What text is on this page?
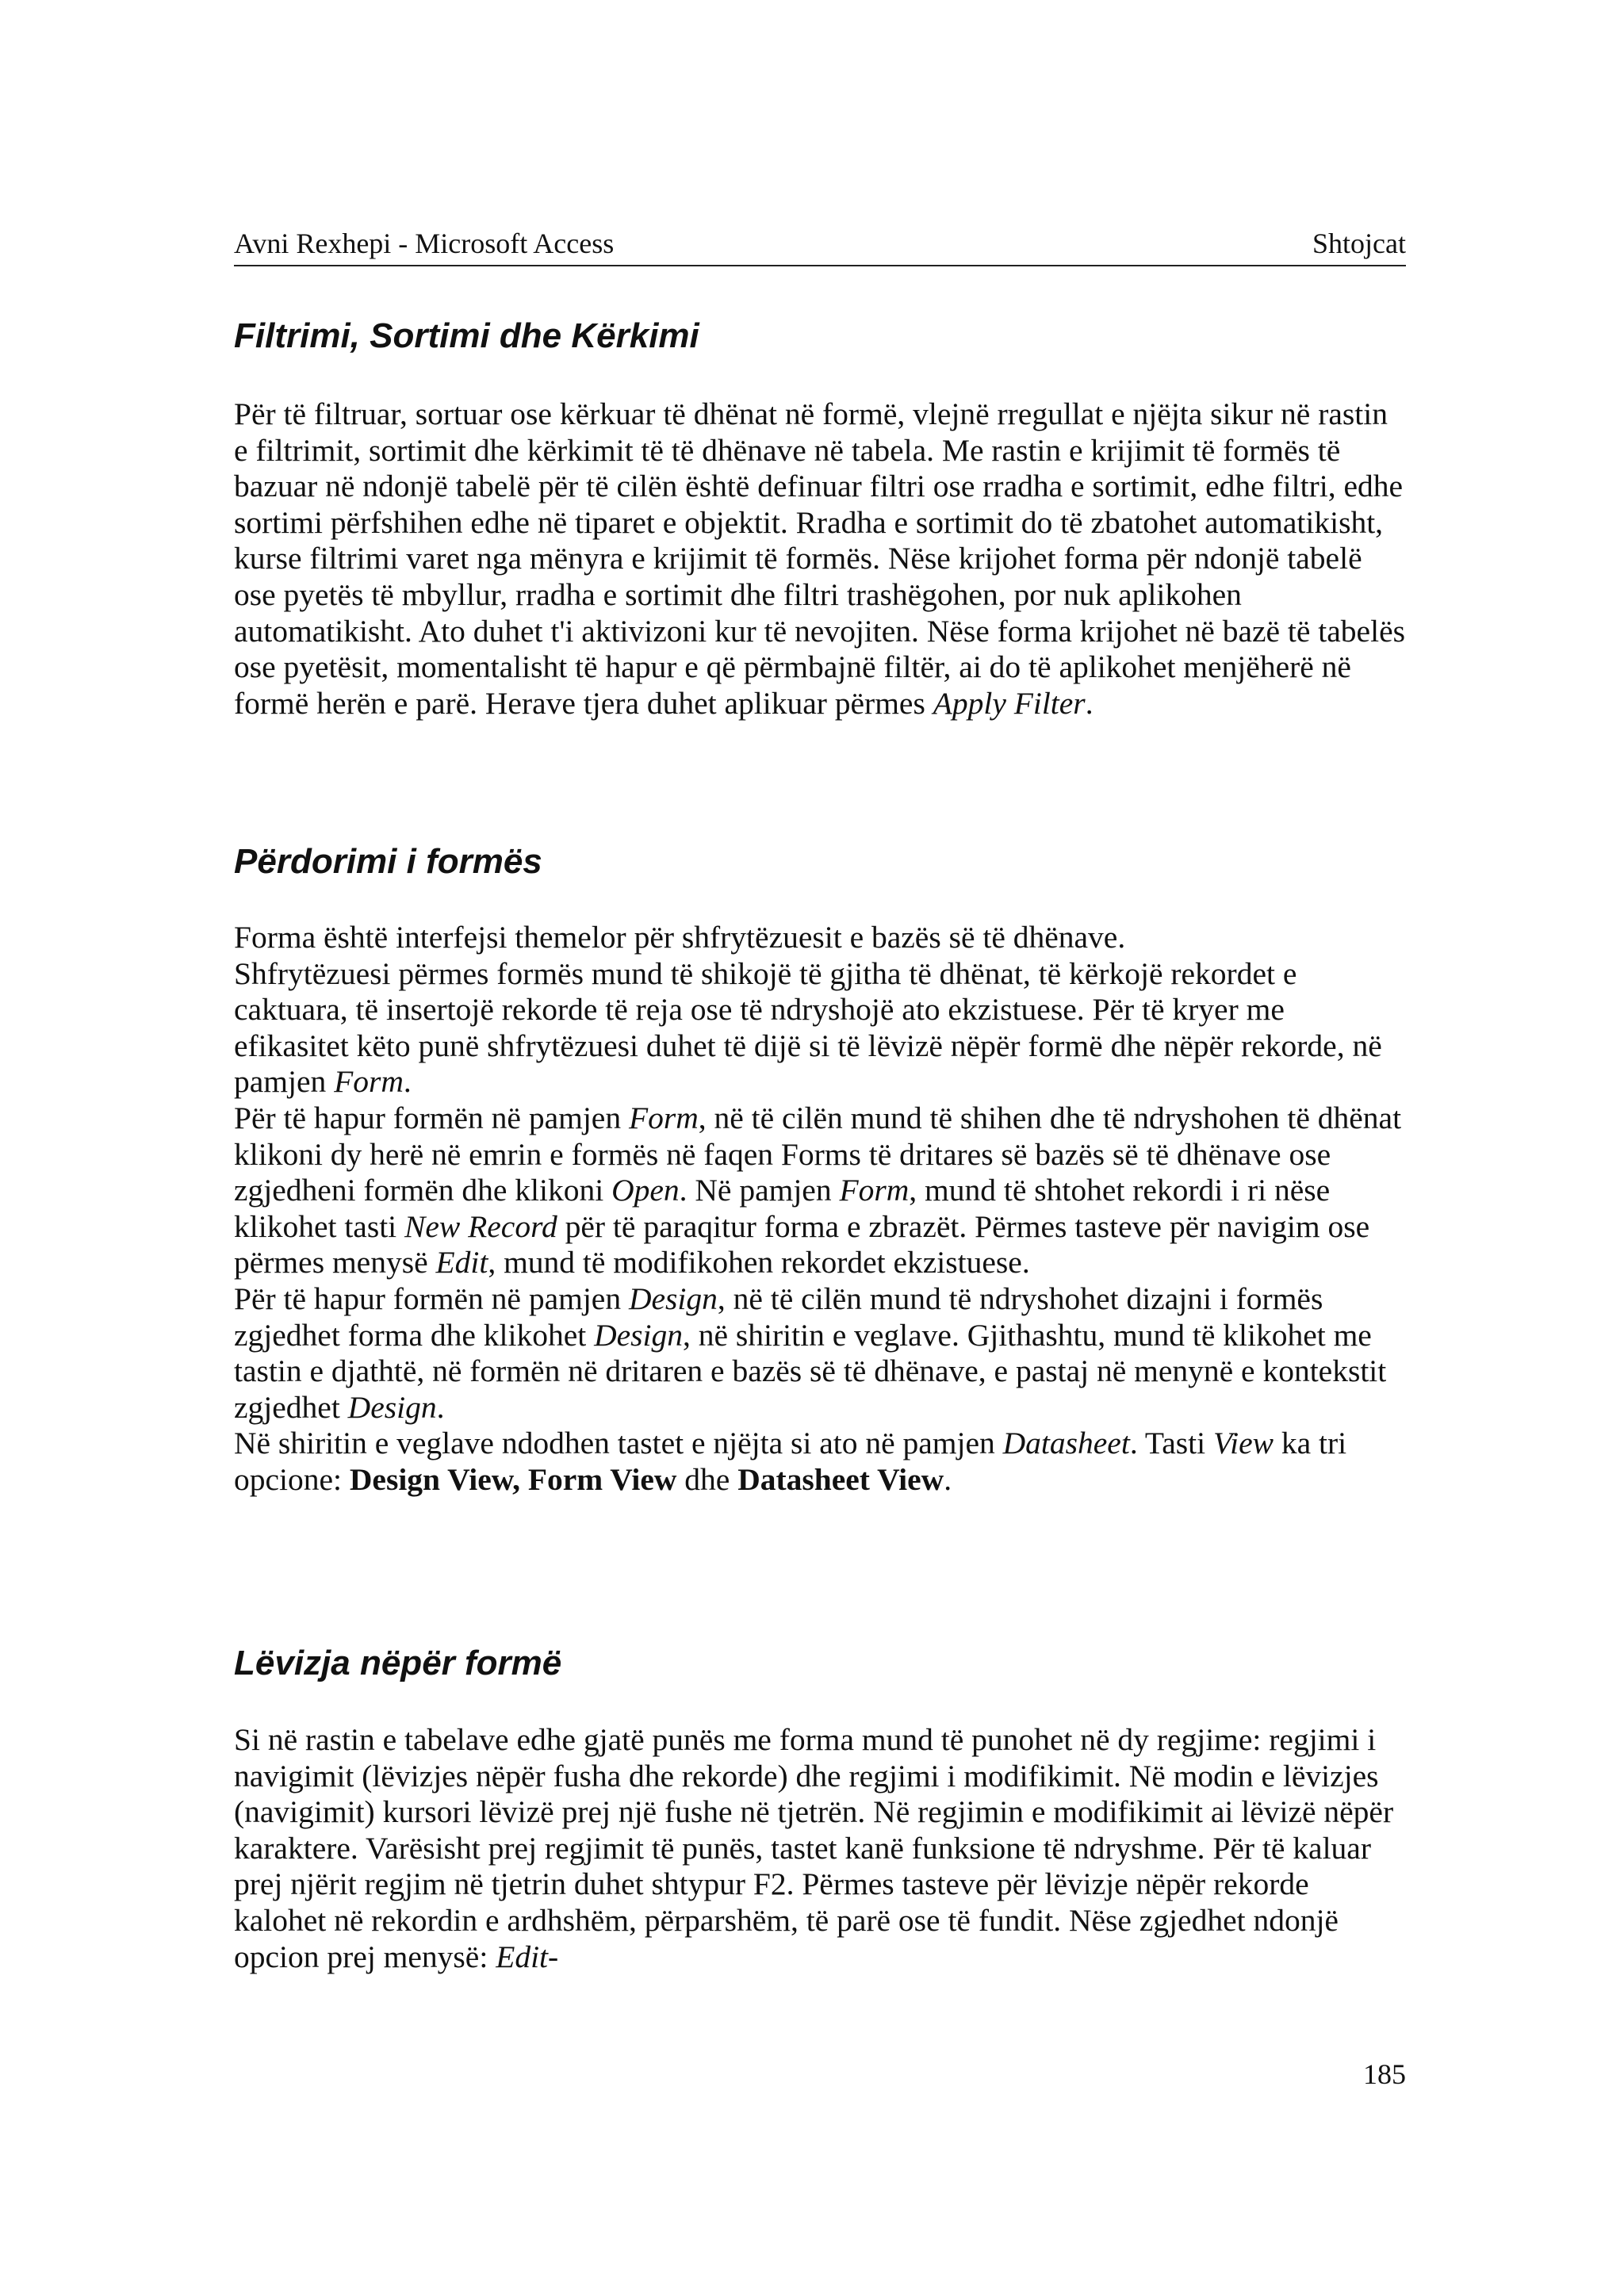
Avni Rexhepi - Microsoft Access	Shtojcat
Filtrimi, Sortimi dhe Kërkimi

Për të filtruar, sortuar ose kërkuar të dhënat në formë, vlejnë rregullat e njëjta sikur në rastin e filtrimit, sortimit dhe kërkimit të të dhënave në tabela. Me rastin e krijimit të formës të bazuar në ndonjë tabelë për të cilën është definuar filtri ose rradha e sortimit, edhe filtri, edhe sortimi përfshihen edhe në tiparet e objektit. Rradha e sortimit do të zbatohet automatikisht, kurse filtrimi varet nga mënyra e krijimit të formës. Nëse krijohet forma për ndonjë tabelë ose pyetës të mbyllur, rradha e sortimit dhe filtri trashëgohen, por nuk aplikohen automatikisht. Ato duhet t'i aktivizoni kur të nevojiten. Nëse forma krijohet në bazë të tabelës ose pyetësit, momentalisht të hapur e që përmbajnë filtër, ai do të aplikohet menjëherë në formë herën e parë. Herave tjera duhet aplikuar përmes Apply Filter.

Përdorimi i formës

Forma është interfejsi themelor për shfrytëzuesit e bazës së të dhënave.

Shfrytëzuesi përmes formës mund të shikojë të gjitha të dhënat, të kërkojë rekordet e caktuara, të insertojë rekorde të reja ose të ndryshojë ato ekzistuese. Për të kryer me efikasitet këto punë shfrytëzuesi duhet të dijë si të lëvizë nëpër formë dhe nëpër rekorde, në pamjen Form.

Për të hapur formën në pamjen Form, në të cilën mund të shihen dhe të ndryshohen të dhënat klikoni dy herë në emrin e formës në faqen Forms të dritares së bazës së të dhënave ose zgjedheni formën dhe klikoni Open. Në pamjen Form, mund të shtohet rekordi i ri nëse klikohet tasti New Record për të paraqitur forma e zbrazët. Përmes tasteve për navigim ose përmes menysë Edit, mund të modifikohen rekordet ekzistuese.

Për të hapur formën në pamjen Design, në të cilën mund të ndryshohet dizajni i formës zgjedhet forma dhe klikohet Design, në shiritin e veglave. Gjithashtu, mund të klikohet me tastin e djathtë, në formën në dritaren e bazës së të dhënave, e pastaj në menynë e kontekstit zgjedhet Design.

Në shiritin e veglave ndodhen tastet e njëjta si ato në pamjen Datasheet. Tasti View ka tri opcione: Design View, Form View dhe Datasheet View.

Lëvizja nëpër formë

Si në rastin e tabelave edhe gjatë punës me forma mund të punohet në dy regjime: regjimi i navigimit (lëvizjes nëpër fusha dhe rekorde) dhe regjimi i modifikimit. Në modin e lëvizjes (navigimit) kursori lëvizë prej një fushe në tjetrën. Në regjimin e modifikimit ai lëvizë nëpër karaktere. Varësisht prej regjimit të punës, tastet kanë funksione të ndryshme. Për të kaluar prej njërit regjim në tjetrin duhet shtypur F2. Përmes tasteve për lëvizje nëpër rekorde kalohet në rekordin e ardhshëm, përparshëm, të parë ose të fundit. Nëse zgjedhet ndonjë opcion prej menysë: Edit-

185
